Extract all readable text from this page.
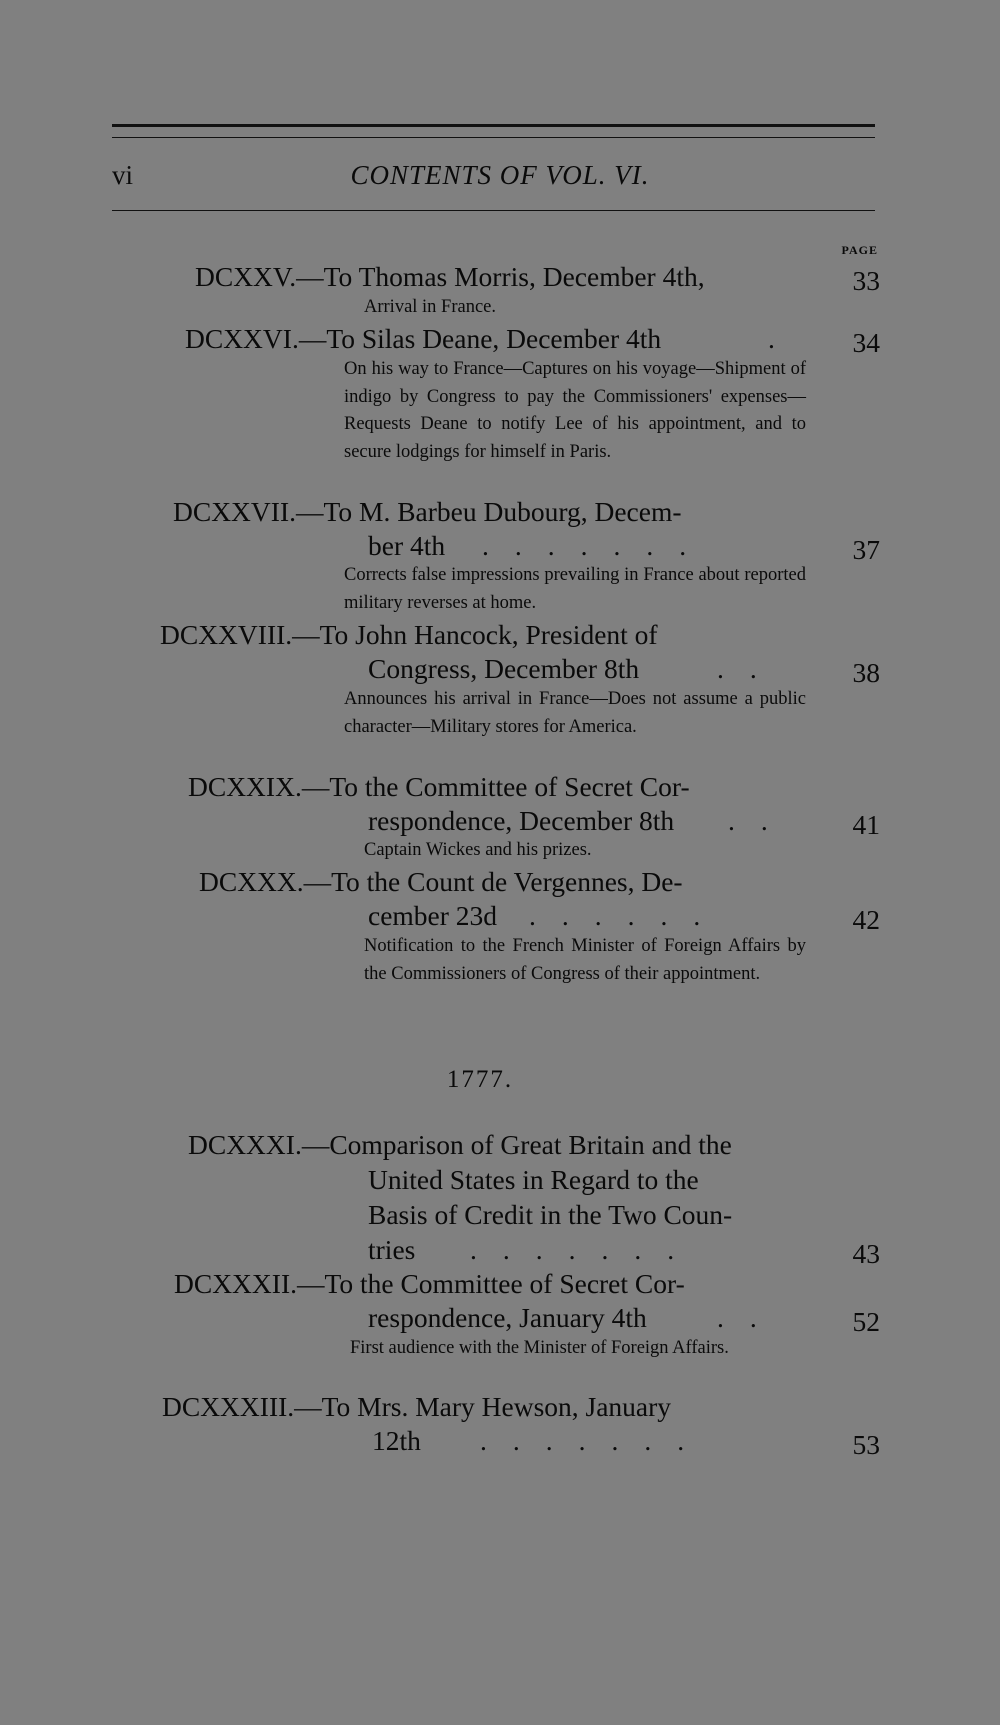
vi	CONTENTS OF VOL. VI.
PAGE
DCXXV.—To Thomas Morris, December 4th,	33
Arrival in France.
DCXXVI.—To Silas Deane, December 4th	. 34
On his way to France—Captures on his voyage—Shipment of indigo by Congress to pay the Commissioners' expenses—Requests Deane to notify Lee of his appointment, and to secure lodgings for himself in Paris.
DCXXVII.—To M. Barbeu Dubourg, Decem-
ber 4th	.......	37
Corrects false impressions prevailing in France about reported military reverses at home.
DCXXVIII.—To John Hancock, President of
Congress, December 8th	..	38
Announces his arrival in France—Does not assume a public character—Military stores for America.
DCXXIX.—To the Committee of Secret Cor-
respondence, December 8th	.. 41
Captain Wickes and his prizes.
DCXXX.—To the Count de Vergennes, De-
cember 23d	......	42
Notification to the French Minister of Foreign Affairs by the Commissioners of Congress of their appointment.
1777.
DCXXXI.—Comparison of Great Britain and the
United States in Regard to the
Basis of Credit in the Two Coun-
tries	.......	43
DCXXXII.—To the Committee of Secret Cor-
respondence, January 4th	..	52
First audience with the Minister of Foreign Affairs.
DCXXXIII.—To Mrs. Mary Hewson, January
12th	.......	53
